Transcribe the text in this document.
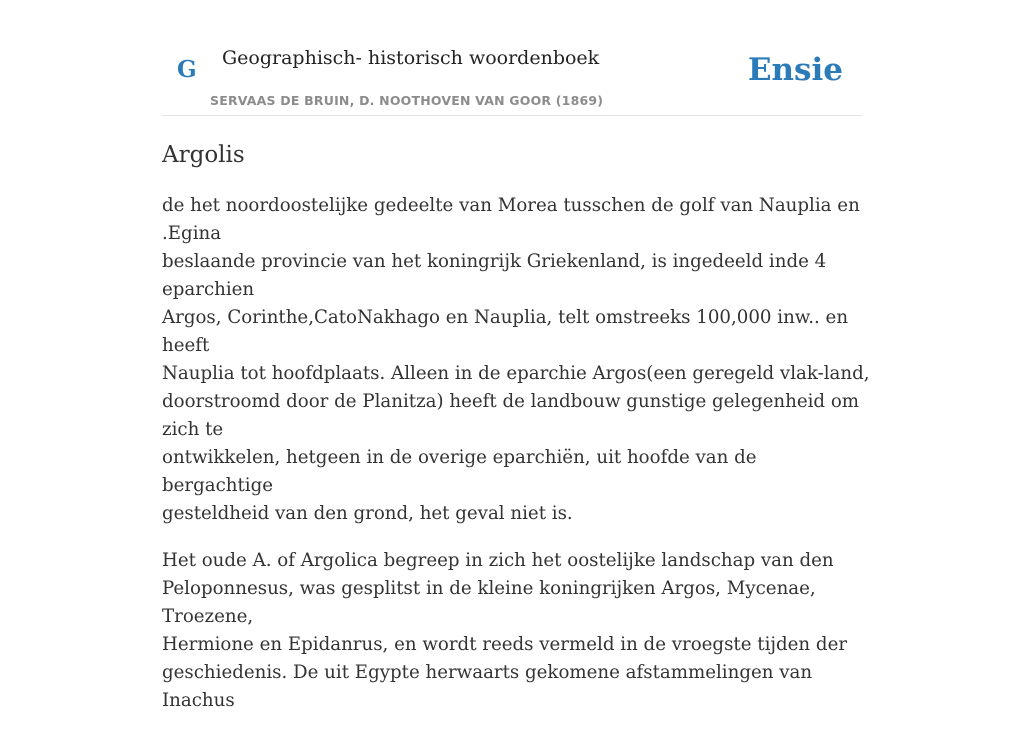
G Geographisch- historisch woordenboek
SERVAAS DE BRUIN, D. NOOTHOVEN VAN GOOR (1869)
Ensie
Argolis

de het noordoostelijke gedeelte van Morea tusschen de golf van Nauplia en .Egina
beslaande provincie van het koningrijk Griekenland, is ingedeeld inde 4 eparchien
Argos, Corinthe,CatoNakhago en Nauplia, telt omstreeks 100,000 inw.. en heeft
Nauplia tot hoofdplaats. Alleen in de eparchie Argos(een geregeld vlak-land,
doorstroomd door de Planitza) heeft de landbouw gunstige gelegenheid om zich te
ontwikkelen, hetgeen in de overige eparchiën, uit hoofde van de bergachtige
gesteldheid van den grond, het geval niet is.

Het oude A. of Argolica begreep in zich het oostelijke landschap van den
Peloponnesus, was gesplitst in de kleine koningrijken Argos, Mycenae, Troezene,
Hermione en Epidanrus, en wordt reeds vermeld in de vroegste tijden der
geschiedenis. De uit Egypte herwaarts gekomene afstammelingen van Inachus
